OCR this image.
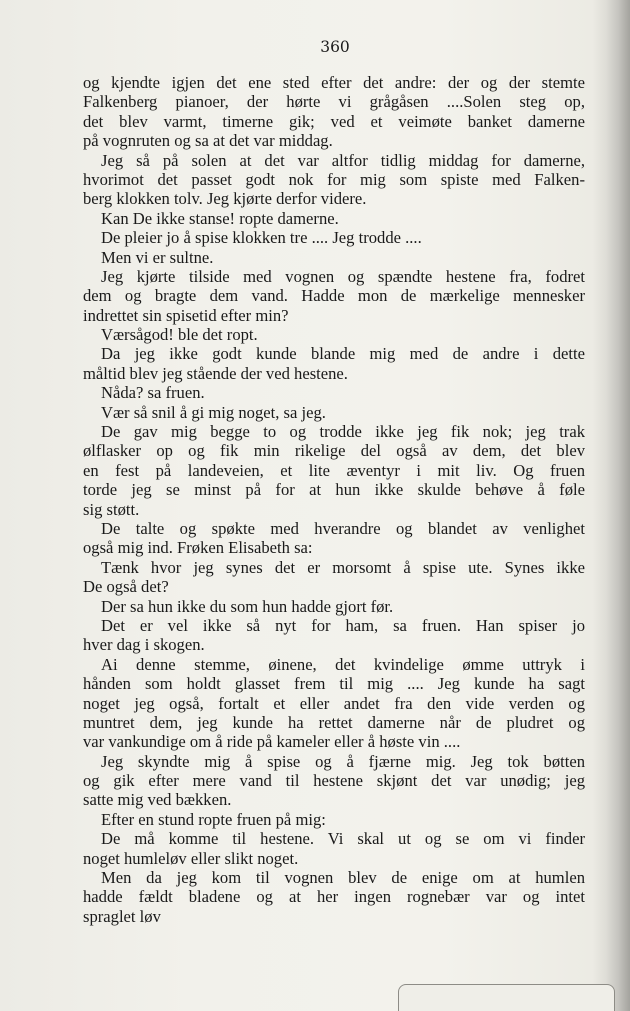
360
og kjendte igjen det ene sted efter det andre: der og der stemte
Falkenberg pianoer, der hørte vi grågåsen ....Solen steg op,
det blev varmt, timerne gik; ved et veimøte banket damerne
på vognruten og sa at det var middag.
Jeg så på solen at det var altfor tidlig middag for damerne,
hvorimot det passet godt nok for mig som spiste med Falken-
berg klokken tolv. Jeg kjørte derfor videre.
Kan De ikke stanse! ropte damerne.
De pleier jo å spise klokken tre .... Jeg trodde ....
Men vi er sultne.
Jeg kjørte tilside med vognen og spændte hestene fra, fodret
dem og bragte dem vand. Hadde mon de mærkelige mennesker
indrettet sin spisetid efter min?
Værsågod! ble det ropt.
Da jeg ikke godt kunde blande mig med de andre i dette
måltid blev jeg stående der ved hestene.
Nåda? sa fruen.
Vær så snil å gi mig noget, sa jeg.
De gav mig begge to og trodde ikke jeg fik nok; jeg trak
ølflasker op og fik min rikelige del også av dem, det blev
en fest på landeveien, et lite æventyr i mit liv. Og fruen
torde jeg se minst på for at hun ikke skulde behøve å føle
sig støtt.
De talte og spøkte med hverandre og blandet av venlighet
også mig ind. Frøken Elisabeth sa:
Tænk hvor jeg synes det er morsomt å spise ute. Synes ikke
De også det?
Der sa hun ikke du som hun hadde gjort før.
Det er vel ikke så nyt for ham, sa fruen. Han spiser jo
hver dag i skogen.
Ai denne stemme, øinene, det kvindelige ømme uttryk i
hånden som holdt glasset frem til mig .... Jeg kunde ha sagt
noget jeg også, fortalt et eller andet fra den vide verden og
muntret dem, jeg kunde ha rettet damerne når de pludret og
var vankundige om å ride på kameler eller å høste vin ....
Jeg skyndte mig å spise og å fjærne mig. Jeg tok bøtten
og gik efter mere vand til hestene skjønt det var unødig; jeg
satte mig ved bækken.
Efter en stund ropte fruen på mig:
De må komme til hestene. Vi skal ut og se om vi finder
noget humleløv eller slikt noget.
Men da jeg kom til vognen blev de enige om at humlen
hadde fældt bladene og at her ingen rognebær var og intet
spraglet løv
